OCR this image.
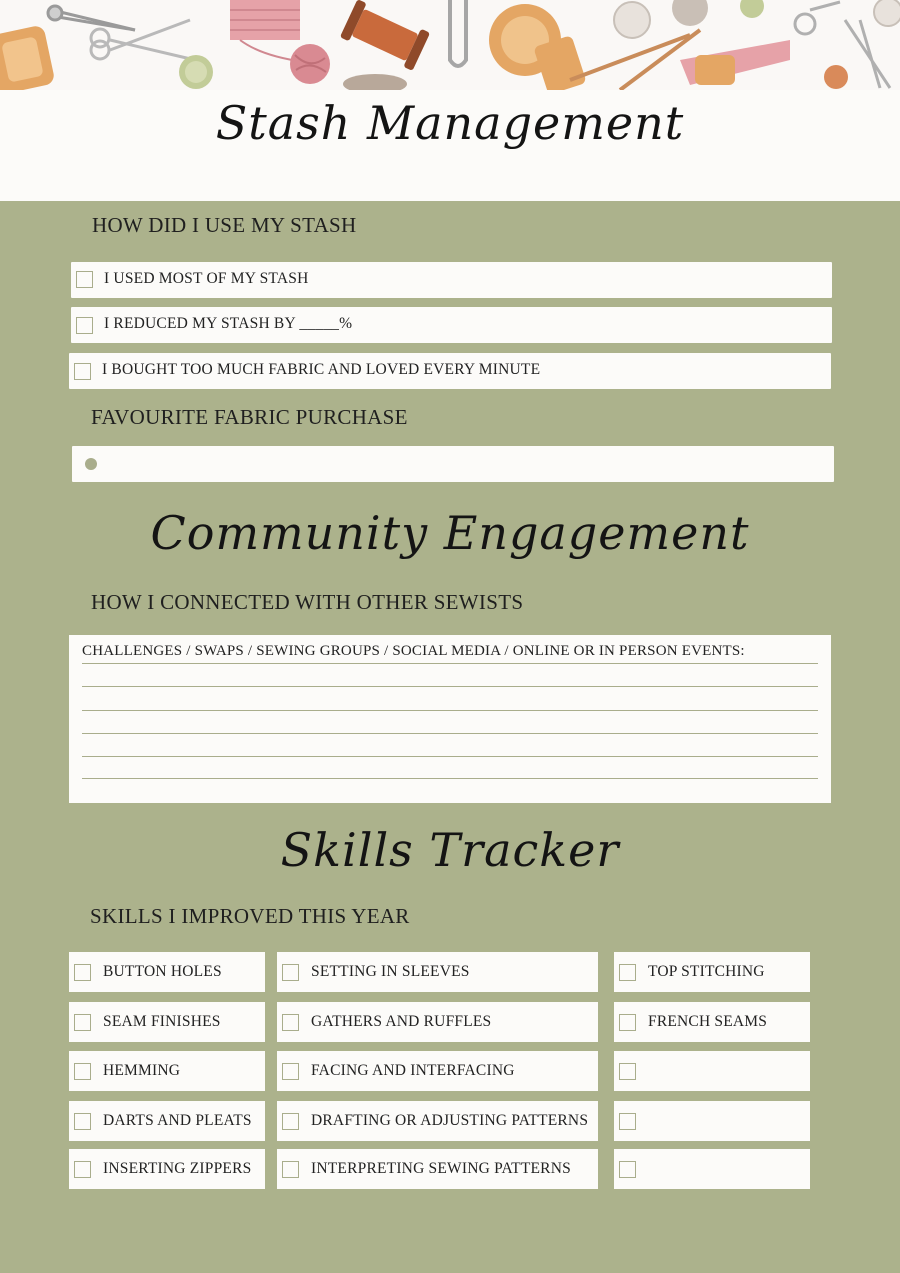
Stash Management
HOW DID I USE MY STASH
I USED MOST OF MY STASH
I REDUCED MY STASH BY _____%
I BOUGHT TOO MUCH FABRIC AND LOVED EVERY MINUTE
FAVOURITE FABRIC PURCHASE
Community Engagement
HOW I CONNECTED WITH OTHER SEWISTS
CHALLENGES / SWAPS / SEWING GROUPS / SOCIAL MEDIA / ONLINE OR IN PERSON EVENTS:
Skills Tracker
SKILLS I IMPROVED THIS YEAR
BUTTON HOLES
SEAM FINISHES
HEMMING
DARTS AND PLEATS
INSERTING ZIPPERS
SETTING IN SLEEVES
GATHERS AND RUFFLES
FACING AND INTERFACING
DRAFTING OR ADJUSTING PATTERNS
INTERPRETING SEWING PATTERNS
TOP STITCHING
FRENCH SEAMS
